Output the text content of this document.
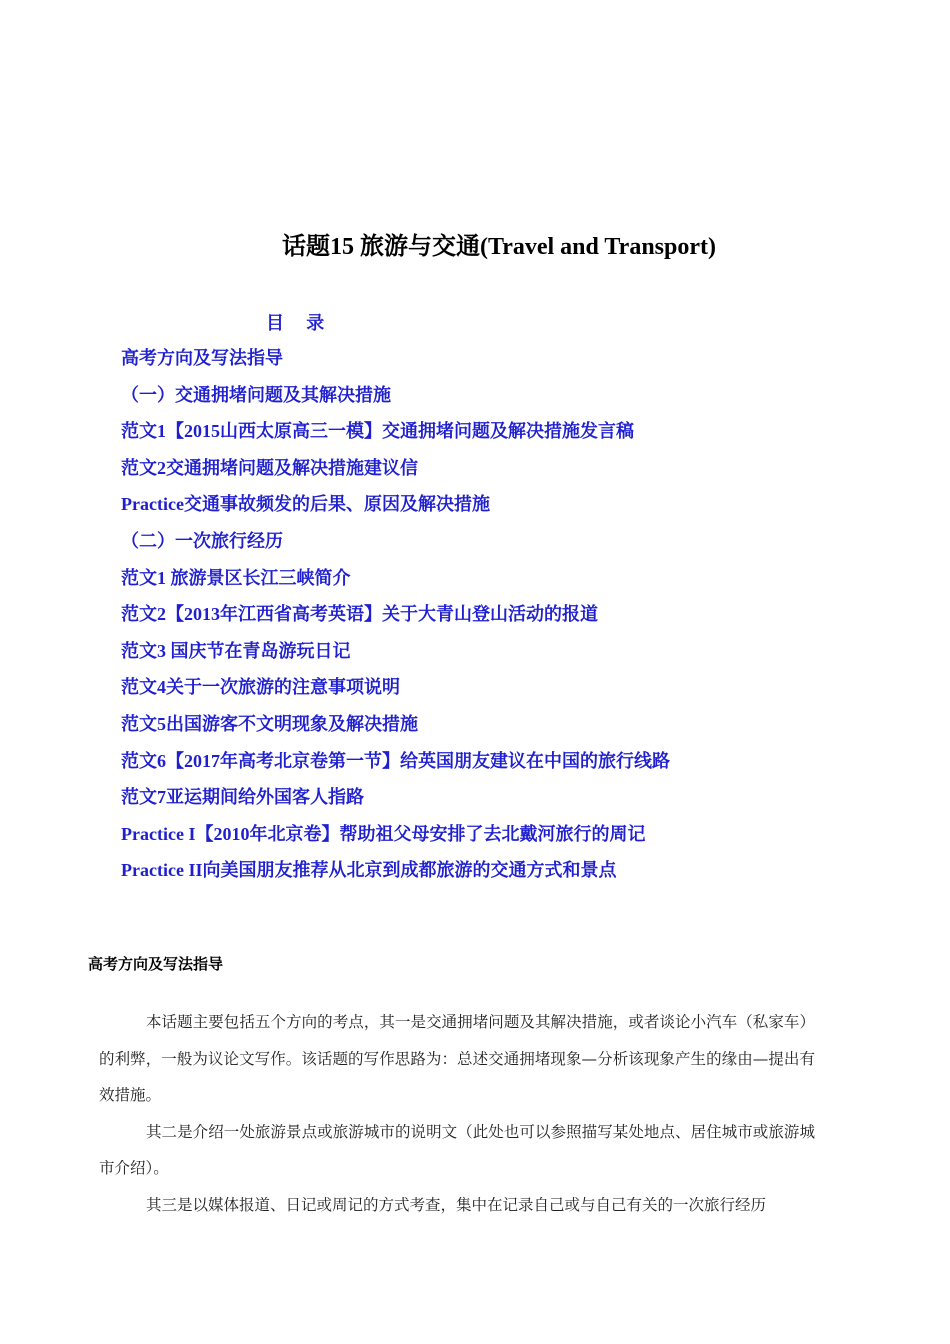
话题15 旅游与交通(Travel and Transport)
目 录
高考方向及写法指导
（一）交通拥堵问题及其解决措施
范文1【2015山西太原高三一模】交通拥堵问题及解决措施发言稿
范文2交通拥堵问题及解决措施建议信
Practice交通事故频发的后果、原因及解决措施
（二）一次旅行经历
范文1 旅游景区长江三峡简介
范文2【2013年江西省高考英语】关于大青山登山活动的报道
范文3 国庆节在青岛游玩日记
范文4关于一次旅游的注意事项说明
范文5出国游客不文明现象及解决措施
范文6【2017年高考北京卷第一节】给英国朋友建议在中国的旅行线路
范文7亚运期间给外国客人指路
Practice I【2010年北京卷】帮助祖父母安排了去北戴河旅行的周记
Practice II向美国朋友推荐从北京到成都旅游的交通方式和景点
高考方向及写法指导

本话题主要包括五个方向的考点，其一是交通拥堵问题及其解决措施，或者谈论小汽车（私家车）的利弊，一般为议论文写作。该话题的写作思路为：总述交通拥堵现象—分析该现象产生的缘由—提出有效措施。

其二是介绍一处旅游景点或旅游城市的说明文（此处也可以参照描写某处地点、居住城市或旅游城市介绍）。

其三是以媒体报道、日记或周记的方式考查，集中在记录自己或与自己有关的一次旅行经历
